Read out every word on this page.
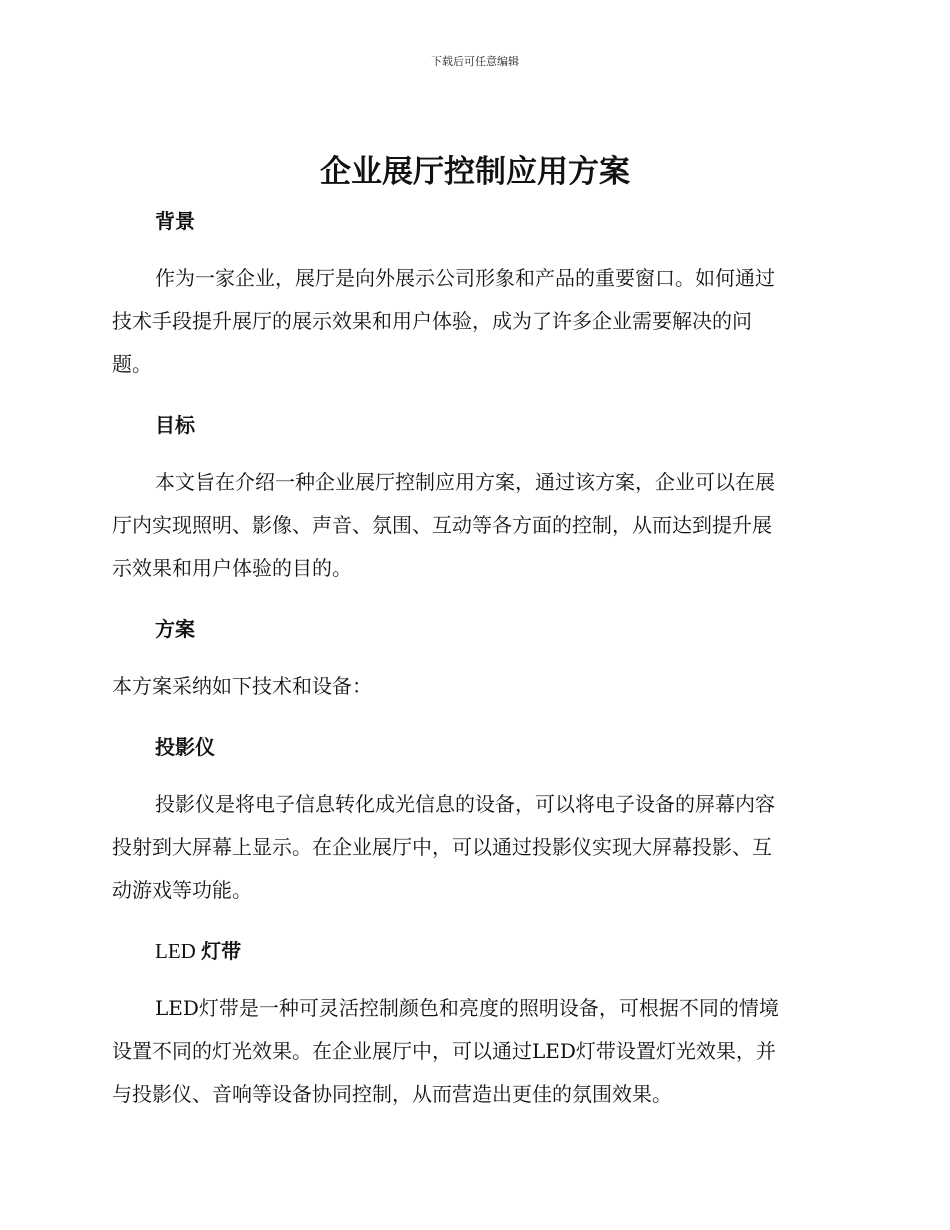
下载后可任意编辑
企业展厅控制应用方案
背景

作为一家企业，展厅是向外展示公司形象和产品的重要窗口。如何通过
技术手段提升展厅的展示效果和用户体验，成为了许多企业需要解决的问
题。

目标

本文旨在介绍一种企业展厅控制应用方案，通过该方案，企业可以在展
厅内实现照明、影像、声音、氛围、互动等各方面的控制，从而达到提升展
示效果和用户体验的目的。

方案

本方案采纳如下技术和设备：

投影仪

投影仪是将电子信息转化成光信息的设备，可以将电子设备的屏幕内容
投射到大屏幕上显示。在企业展厅中，可以通过投影仪实现大屏幕投影、互
动游戏等功能。

LED 灯带

LED灯带是一种可灵活控制颜色和亮度的照明设备，可根据不同的情境
设置不同的灯光效果。在企业展厅中，可以通过LED灯带设置灯光效果，并
与投影仪、音响等设备协同控制，从而营造出更佳的氛围效果。
